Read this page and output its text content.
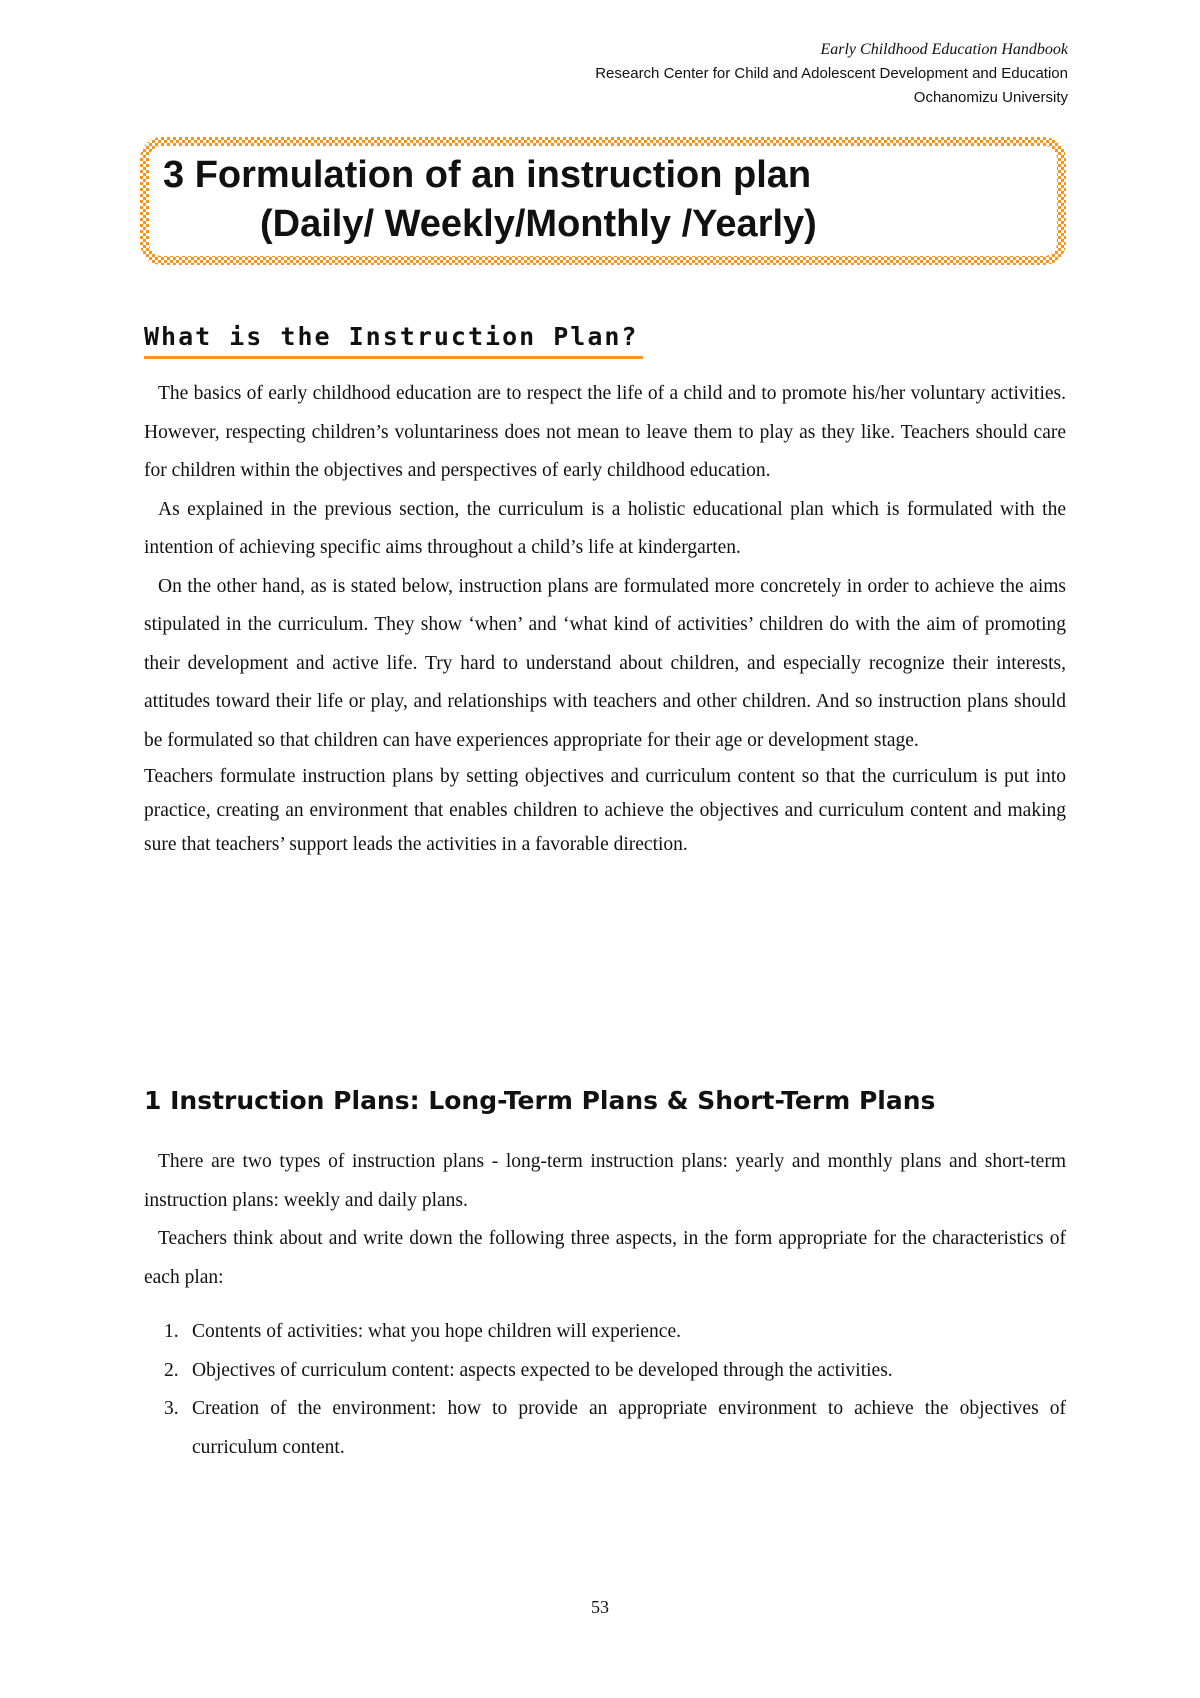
Early Childhood Education Handbook
Research Center for Child and Adolescent Development and Education
Ochanomizu University
3 Formulation of an instruction plan
(Daily/ Weekly/Monthly /Yearly)
What is the Instruction Plan?

The basics of early childhood education are to respect the life of a child and to promote his/her voluntary activities. However, respecting children’s voluntariness does not mean to leave them to play as they like. Teachers should care for children within the objectives and perspectives of early childhood education.

As explained in the previous section, the curriculum is a holistic educational plan which is formulated with the intention of achieving specific aims throughout a child’s life at kindergarten.

On the other hand, as is stated below, instruction plans are formulated more concretely in order to achieve the aims stipulated in the curriculum. They show ‘when’ and ‘what kind of activities’ children do with the aim of promoting their development and active life. Try hard to understand about children, and especially recognize their interests, attitudes toward their life or play, and relationships with teachers and other children. And so instruction plans should be formulated so that children can have experiences appropriate for their age or development stage.

Teachers formulate instruction plans by setting objectives and curriculum content so that the curriculum is put into practice, creating an environment that enables children to achieve the objectives and curriculum content and making sure that teachers’ support leads the activities in a favorable direction.

1 Instruction Plans: Long-Term Plans & Short-Term Plans

There are two types of instruction plans - long-term instruction plans: yearly and monthly plans and short-term instruction plans: weekly and daily plans.

Teachers think about and write down the following three aspects, in the form appropriate for the characteristics of each plan:

1. Contents of activities: what you hope children will experience.
2. Objectives of curriculum content: aspects expected to be developed through the activities.
3. Creation of the environment: how to provide an appropriate environment to achieve the objectives of curriculum content.
53
